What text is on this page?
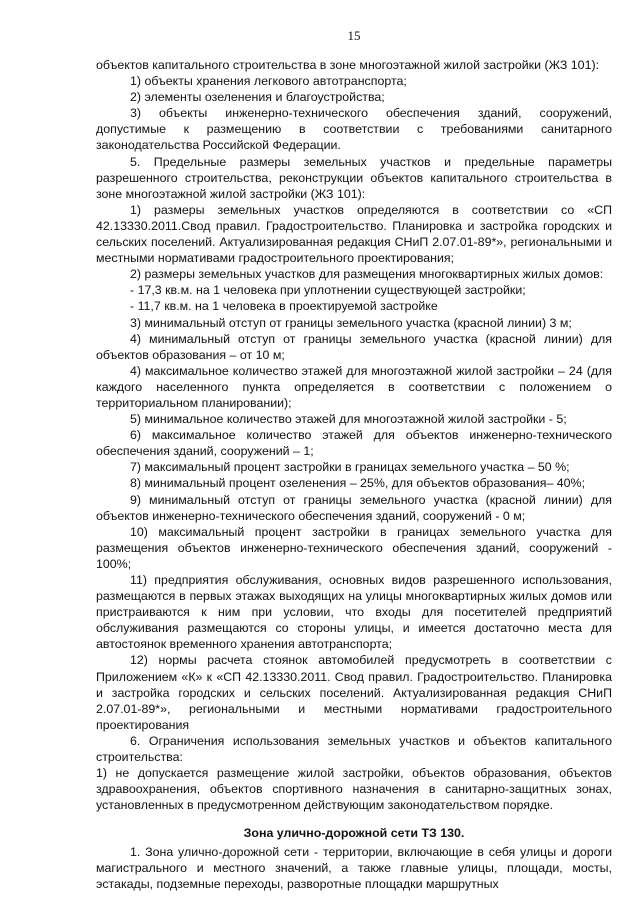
15

объектов капитального строительства в зоне многоэтажной жилой застройки (ЖЗ 101):

1) объекты хранения легкового автотранспорта;

2) элементы озеленения и благоустройства;

3) объекты инженерно-технического обеспечения зданий, сооружений, допустимые к размещению в соответствии с требованиями санитарного законодательства Российской Федерации.

5. Предельные размеры земельных участков и предельные параметры разрешенного строительства, реконструкции объектов капитального строительства в зоне многоэтажной жилой застройки (ЖЗ 101):

1) размеры земельных участков определяются в соответствии со «СП 42.13330.2011.Свод правил. Градостроительство. Планировка и застройка городских и сельских поселений. Актуализированная редакция СНиП 2.07.01-89*», региональными и местными нормативами градостроительного проектирования;

2) размеры земельных участков для размещения многоквартирных жилых домов:

- 17,3 кв.м. на 1 человека при уплотнении существующей застройки;

- 11,7 кв.м. на 1 человека в проектируемой застройке

3) минимальный отступ от границы земельного участка (красной линии) 3 м;

4) минимальный отступ от границы земельного участка (красной линии) для объектов образования – от 10 м;

4) максимальное количество этажей для многоэтажной жилой застройки – 24 (для каждого населенного пункта определяется в соответствии с положением о территориальном планировании);

5) минимальное количество этажей для многоэтажной жилой застройки - 5;

6) максимальное количество этажей для объектов инженерно-технического обеспечения зданий, сооружений – 1;

7) максимальный процент застройки в границах земельного участка – 50 %;

8) минимальный процент озеленения – 25%, для объектов образования– 40%;

9) минимальный отступ от границы земельного участка (красной линии) для объектов инженерно-технического обеспечения зданий, сооружений - 0 м;

10) максимальный процент застройки в границах земельного участка для размещения объектов инженерно-технического обеспечения зданий, сооружений - 100%;

11) предприятия обслуживания, основных видов разрешенного использования, размещаются в первых этажах выходящих на улицы многоквартирных жилых домов или пристраиваются к ним при условии, что входы для посетителей предприятий обслуживания размещаются со стороны улицы, и имеется достаточно места для автостоянок временного хранения автотранспорта;

12) нормы расчета стоянок автомобилей предусмотреть в соответствии с Приложением «К» к «СП 42.13330.2011. Свод правил. Градостроительство. Планировка и застройка городских и сельских поселений. Актуализированная редакция СНиП 2.07.01-89*», региональными и местными нормативами градостроительного проектирования

6. Ограничения использования земельных участков и объектов капитального строительства:

1) не допускается размещение жилой застройки, объектов образования, объектов здравоохранения, объектов спортивного назначения в санитарно-защитных зонах, установленных в предусмотренном действующим законодательством порядке.

Зона улично-дорожной сети ТЗ 130.

1. Зона улично-дорожной сети - территории, включающие в себя улицы и дороги магистрального и местного значений, а также главные улицы, площади, мосты, эстакады, подземные переходы, разворотные площадки маршрутных
